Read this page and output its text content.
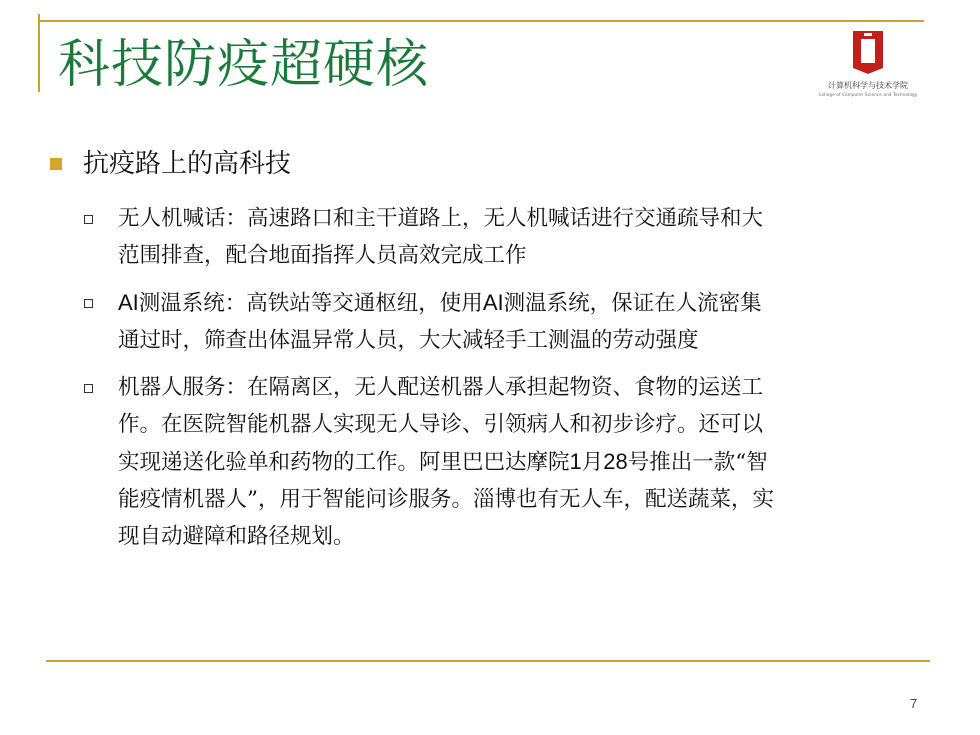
科技防疫超硬核	计算机科学与技术学院
College of Computer Science and Technology
抗疫路上的高科技
无人机喊话：高速路口和主干道路上，无人机喊话进行交通疏导和大
范围排查，配合地面指挥人员高效完成工作
AI测温系统：高铁站等交通枢纽，使用AI测温系统，保证在人流密集
通过时，筛查出体温异常人员，大大减轻手工测温的劳动强度
机器人服务：在隔离区，无人配送机器人承担起物资、食物的运送工
作。在医院智能机器人实现无人导诊、引领病人和初步诊疗。还可以
实现递送化验单和药物的工作。阿里巴巴达摩院1月28号推出一款“智
能疫情机器人”，用于智能问诊服务。淄博也有无人车，配送蔬菜，实
现自动避障和路径规划。
7
